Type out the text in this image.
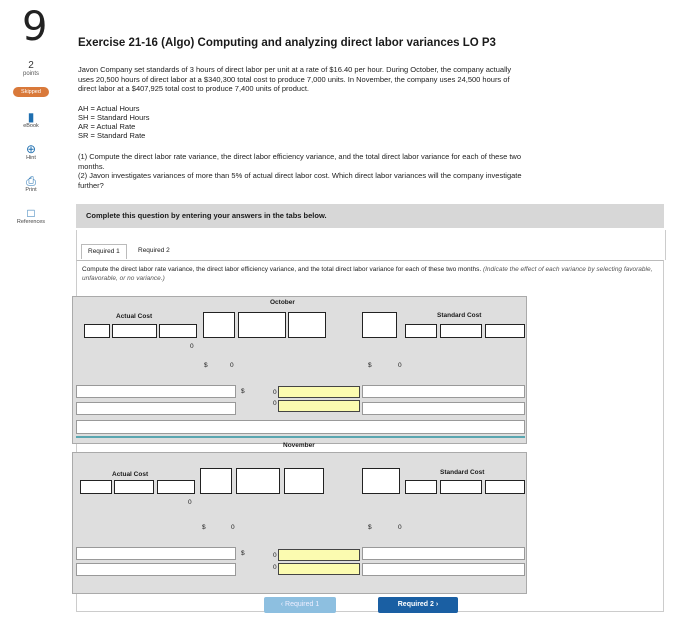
9
2
points
Skipped
▮
eBook
⊕
Hint
⎙
Print
□
References
Exercise 21-16 (Algo) Computing and analyzing direct labor variances LO P3
Javon Company set standards of 3 hours of direct labor per unit at a rate of $16.40 per hour. During October, the company actually
uses 20,500 hours of direct labor at a $340,300 total cost to produce 7,000 units. In November, the company uses 24,500 hours of
direct labor at a $407,925 total cost to produce 7,400 units of product.
AH = Actual Hours
SH = Standard Hours
AR = Actual Rate
SR = Standard Rate
(1) Compute the direct labor rate variance, the direct labor efficiency variance, and the total direct labor variance for each of these two
months.
(2) Javon investigates variances of more than 5% of actual direct labor cost. Which direct labor variances will the company investigate
further?
Complete this question by entering your answers in the tabs below.
Required 1	Required 2
Compute the direct labor rate variance, the direct labor efficiency variance, and the total direct labor variance for each of these two months. (Indicate the effect of each variance by selecting favorable, unfavorable, or no variance.)
October
Actual Cost	Standard Cost
0
$	0	$	0
$	0
0
November
Actual Cost	Standard Cost
0
$	0	$	0
$	0
0
‹ Required 1	Required 2 ›
